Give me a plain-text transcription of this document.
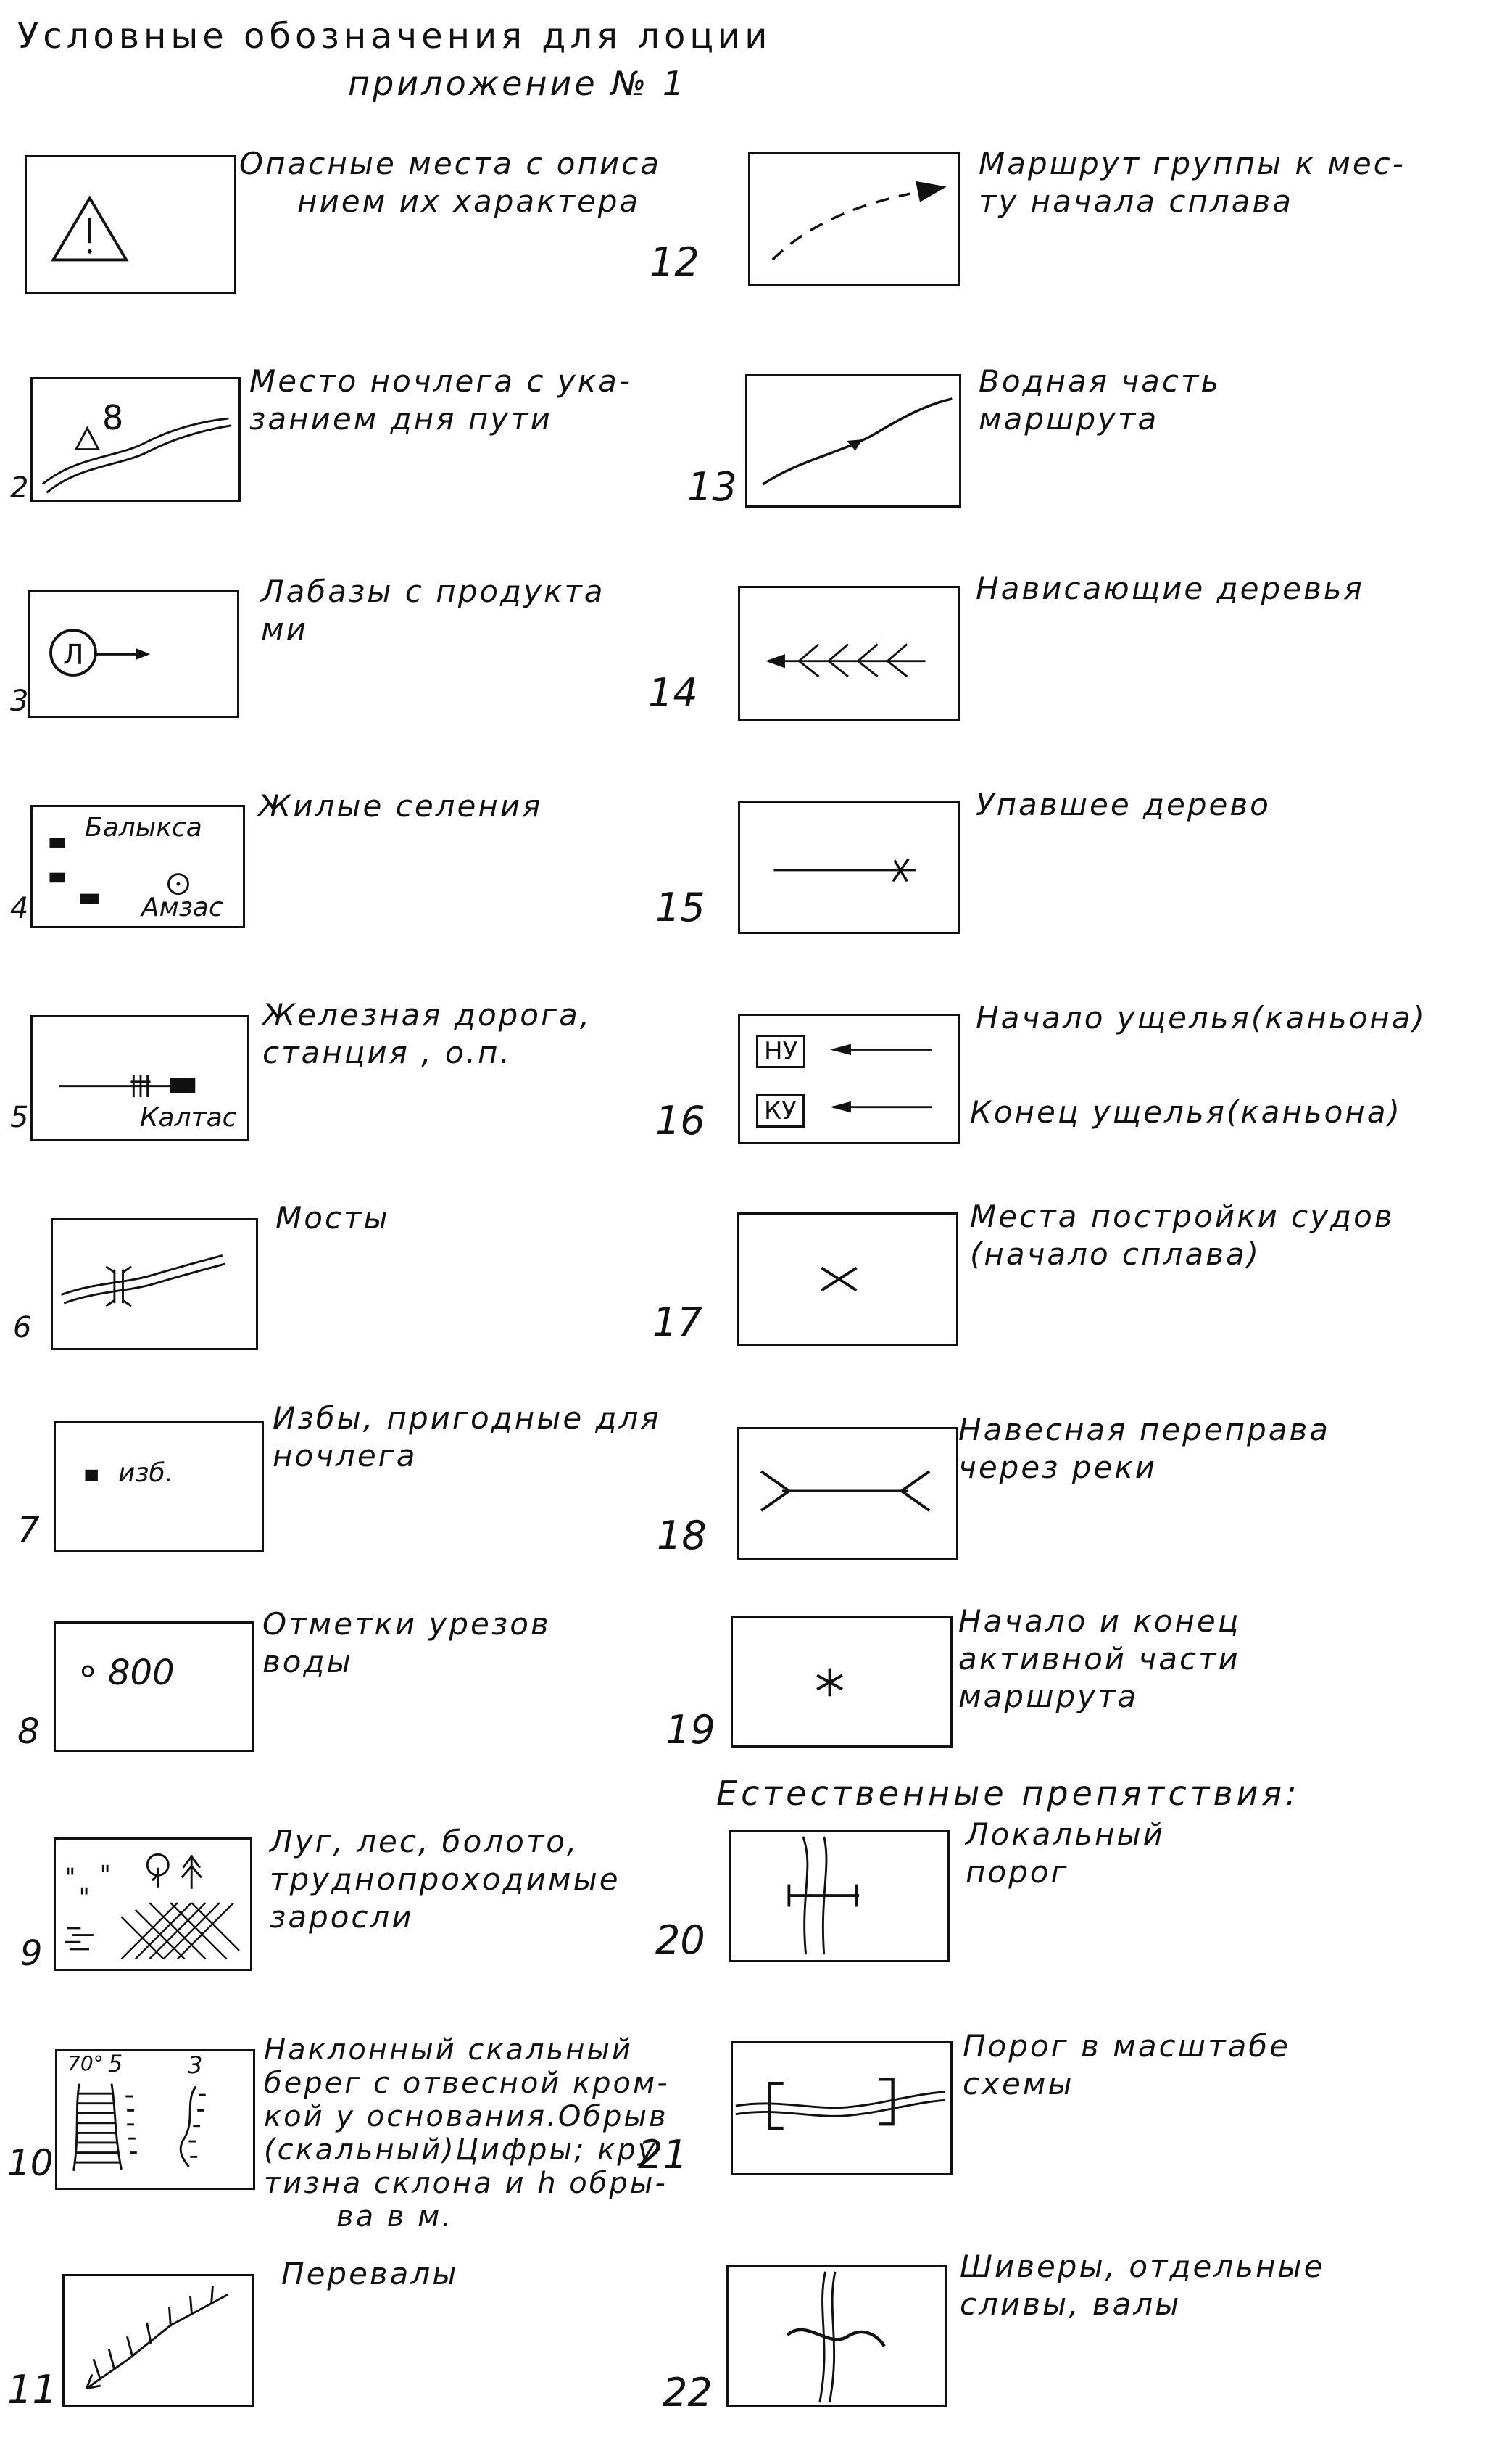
Условные обозначения для лоции
приложение № 1
Опасные места с описа
нием их характера
8
2
Место ночлега с ука-
занием дня пути
Л
3
Лабазы с продукта
ми
Балыкса
Амзас
4
Жилые селения
Калтас
5
Железная дорога,
станция , о.п.
6
Мосты
изб.
7
Избы, пригодные для
ночлега
800
8
Отметки урезов
воды
9
Луг, лес, болото,
труднопроходимые
заросли
70° 5	3
10
Наклонный скальный
берег с отвесной кром-
кой у основания.Обрыв
(скальный)Цифры; кру
тизна склона и h обры-
ва в м.
11
Перевалы
12
Маршрут группы к мес-
ту начала сплава
13
Водная часть
маршрута
14
Нависающие деревья
15
Упавшее дерево
НУ
КУ
16
Начало ущелья(каньона)
Конец ущелья(каньона)
17
Места постройки судов
(начало сплава)
18
Навесная переправа
через реки
19
Начало и конец
активной части
маршрута
Естественные препятствия:
20
Локальный
порог
21
Порог в масштабе
схемы
22
Шиверы, отдельные
сливы, валы
